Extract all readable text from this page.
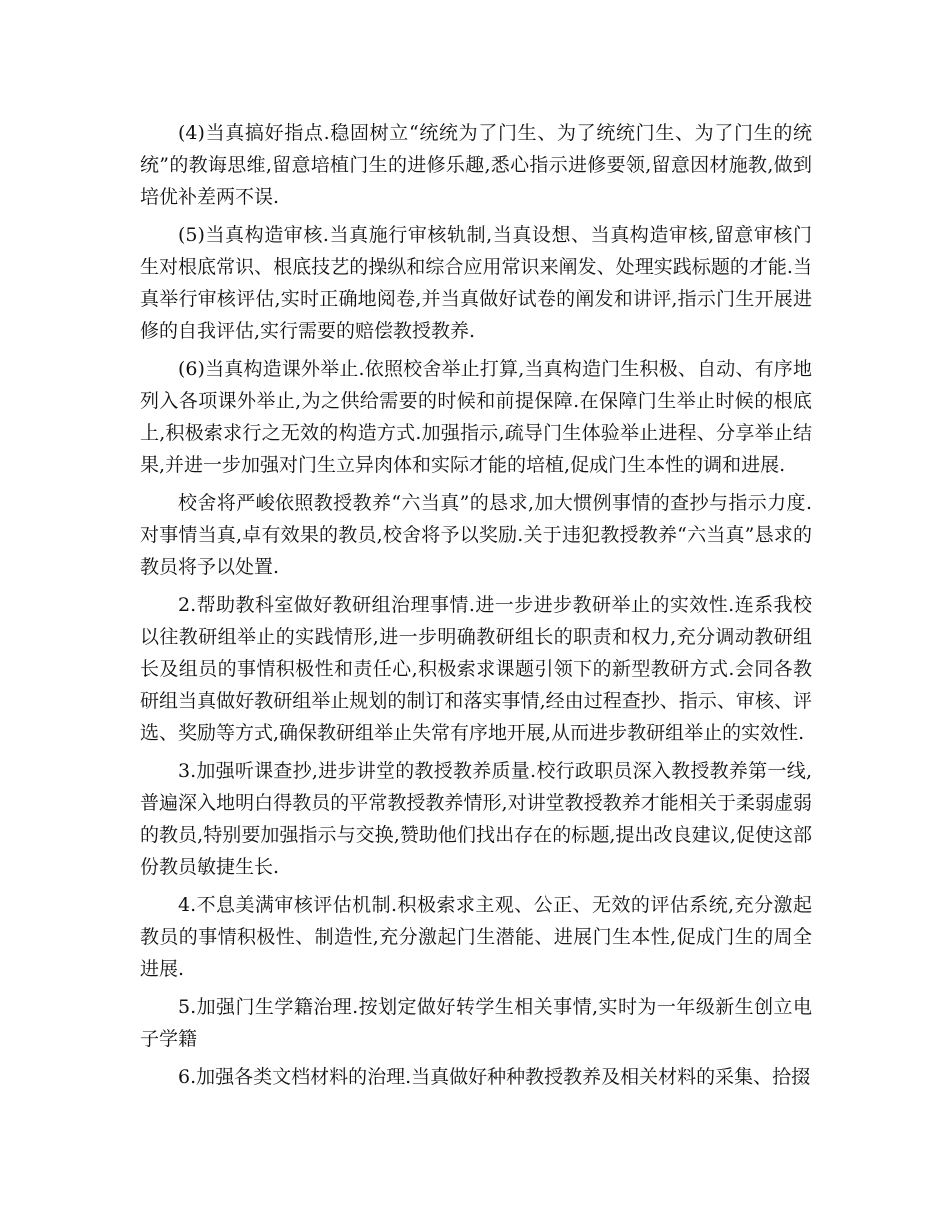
(4)当真搞好指点.稳固树立“统统为了门生、为了统统门生、为了门生的统统”的教诲思维,留意培植门生的进修乐趣,悉心指示进修要领,留意因材施教,做到培优补差两不误.

(5)当真构造审核.当真施行审核轨制,当真设想、当真构造审核,留意审核门生对根底常识、根底技艺的操纵和综合应用常识来阐发、处理实践标题的才能.当真举行审核评估,实时正确地阅卷,并当真做好试卷的阐发和讲评,指示门生开展进修的自我评估,实行需要的赔偿教授教养.

(6)当真构造课外举止.依照校舍举止打算,当真构造门生积极、自动、有序地列入各项课外举止,为之供给需要的时候和前提保障.在保障门生举止时候的根底上,积极索求行之无效的构造方式.加强指示,疏导门生体验举止进程、分享举止结果,并进一步加强对门生立异肉体和实际才能的培植,促成门生本性的调和进展.

校舍将严峻依照教授教养“六当真”的恳求,加大惯例事情的查抄与指示力度.对事情当真,卓有效果的教员,校舍将予以奖励.关于违犯教授教养“六当真”恳求的教员将予以处置.

2.帮助教科室做好教研组治理事情.进一步进步教研举止的实效性.连系我校以往教研组举止的实践情形,进一步明确教研组长的职责和权力,充分调动教研组长及组员的事情积极性和责任心,积极索求课题引领下的新型教研方式.会同各教研组当真做好教研组举止规划的制订和落实事情,经由过程查抄、指示、审核、评选、奖励等方式,确保教研组举止失常有序地开展,从而进步教研组举止的实效性.

3.加强听课查抄,进步讲堂的教授教养质量.校行政职员深入教授教养第一线,普遍深入地明白得教员的平常教授教养情形,对讲堂教授教养才能相关于柔弱虚弱的教员,特别要加强指示与交换,赞助他们找出存在的标题,提出改良建议,促使这部份教员敏捷生长.

4.不息美满审核评估机制.积极索求主观、公正、无效的评估系统,充分激起教员的事情积极性、制造性,充分激起门生潜能、进展门生本性,促成门生的周全进展.

5.加强门生学籍治理.按划定做好转学生相关事情,实时为一年级新生创立电子学籍

6.加强各类文档材料的治理.当真做好种种教授教养及相关材料的采集、拾掇
